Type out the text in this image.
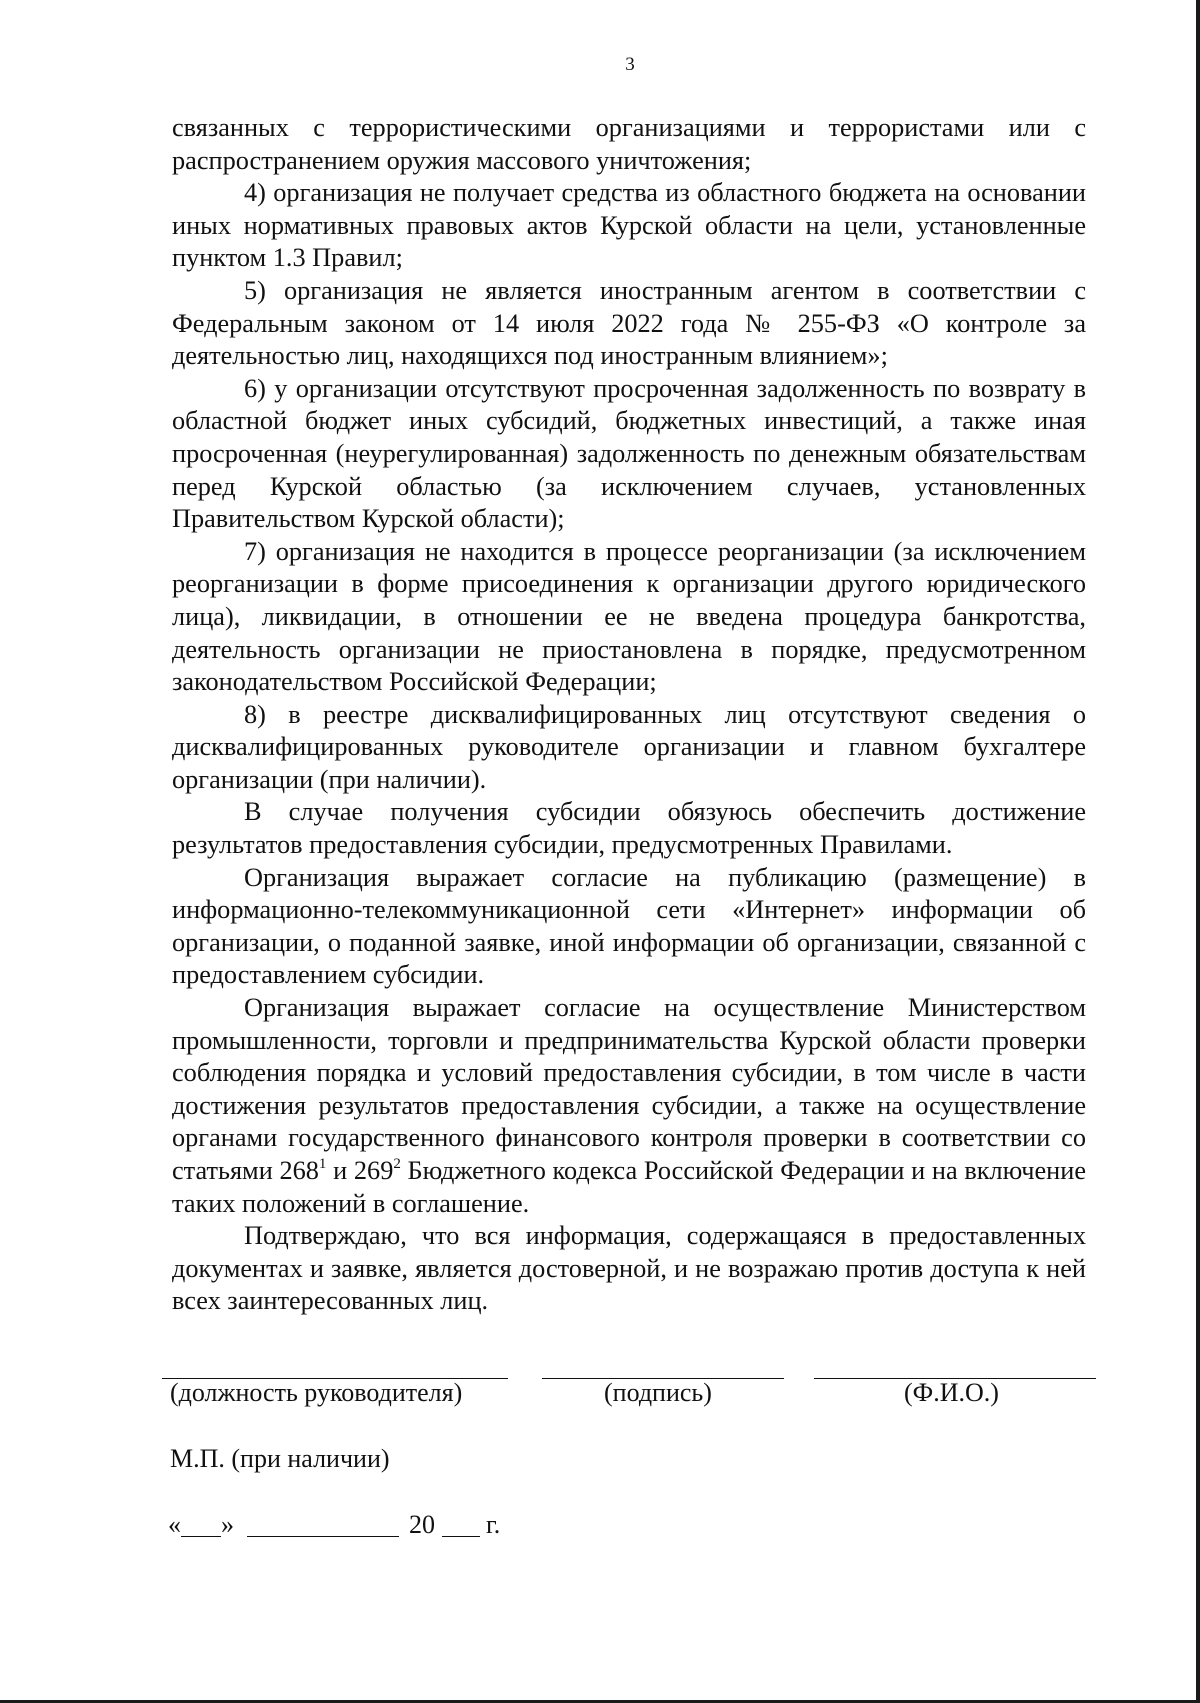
3

связанных с террористическими организациями и террористами или с распространением оружия массового уничтожения;

4) организация не получает средства из областного бюджета на основании иных нормативных правовых актов Курской области на цели, установленные пунктом 1.3 Правил;

5) организация не является иностранным агентом в соответствии с Федеральным законом от 14 июля 2022 года № 255-ФЗ «О контроле за деятельностью лиц, находящихся под иностранным влиянием»;

6) у организации отсутствуют просроченная задолженность по возврату в областной бюджет иных субсидий, бюджетных инвестиций, а также иная просроченная (неурегулированная) задолженность по денежным обязательствам перед Курской областью (за исключением случаев, установленных Правительством Курской области);

7) организация не находится в процессе реорганизации (за исключением реорганизации в форме присоединения к организации другого юридического лица), ликвидации, в отношении ее не введена процедура банкротства, деятельность организации не приостановлена в порядке, предусмотренном законодательством Российской Федерации;

8) в реестре дисквалифицированных лиц отсутствуют сведения о дисквалифицированных руководителе организации и главном бухгалтере организации (при наличии).

В случае получения субсидии обязуюсь обеспечить достижение результатов предоставления субсидии, предусмотренных Правилами.

Организация выражает согласие на публикацию (размещение) в информационно-телекоммуникационной сети «Интернет» информации об организации, о поданной заявке, иной информации об организации, связанной с предоставлением субсидии.

Организация выражает согласие на осуществление Министерством промышленности, торговли и предпринимательства Курской области проверки соблюдения порядка и условий предоставления субсидии, в том числе в части достижения результатов предоставления субсидии, а также на осуществление органами государственного финансового контроля проверки в соответствии со статьями $268^1$ и $269^2$ Бюджетного кодекса Российской Федерации и на включение таких положений в соглашение.

Подтверждаю, что вся информация, содержащаяся в предоставленных документах и заявке, является достоверной, и не возражаю против доступа к ней всех заинтересованных лиц.

(должность руководителя)	(подпись)	(Ф.И.О.)
М.П. (при наличии)
« »	20 г.
